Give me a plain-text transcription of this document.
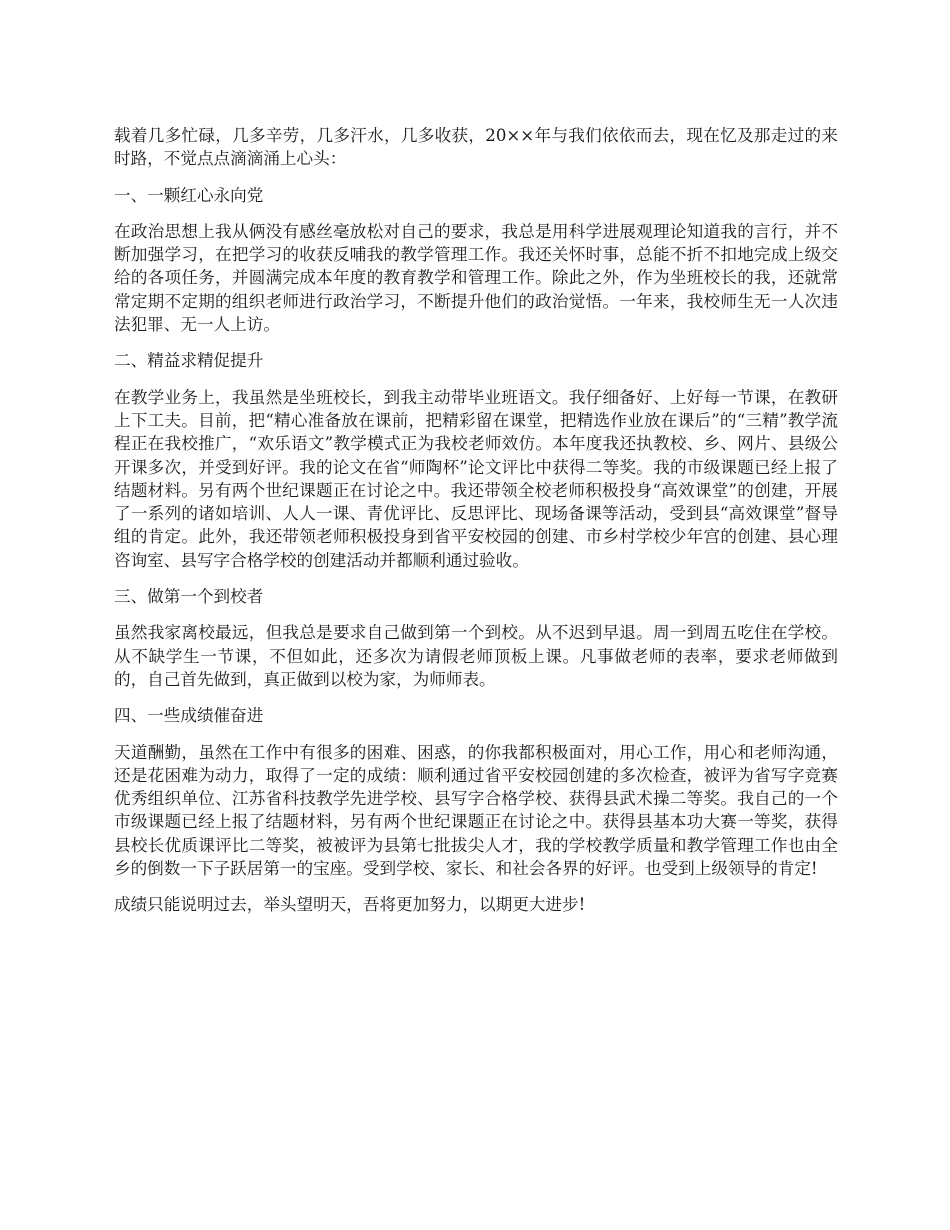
载着几多忙碌，几多辛劳，几多汗水，几多收获，20××年与我们依依而去，现在忆及那走过的来时路，不觉点点滴滴涌上心头：

一、一颗红心永向党

在政治思想上我从俩没有感丝毫放松对自己的要求，我总是用科学进展观理论知道我的言行，并不断加强学习，在把学习的收获反哺我的教学管理工作。我还关怀时事，总能不折不扣地完成上级交给的各项任务，并圆满完成本年度的教育教学和管理工作。除此之外，作为坐班校长的我，还就常常定期不定期的组织老师进行政治学习，不断提升他们的政治觉悟。一年来，我校师生无一人次违法犯罪、无一人上访。

二、精益求精促提升

在教学业务上，我虽然是坐班校长，到我主动带毕业班语文。我仔细备好、上好每一节课，在教研上下工夫。目前，把“精心准备放在课前，把精彩留在课堂，把精选作业放在课后”的“三精”教学流程正在我校推广，“欢乐语文”教学模式正为我校老师效仿。本年度我还执教校、乡、网片、县级公开课多次，并受到好评。我的论文在省“师陶杯”论文评比中获得二等奖。我的市级课题已经上报了结题材料。另有两个世纪课题正在讨论之中。我还带领全校老师积极投身“高效课堂”的创建，开展了一系列的诸如培训、人人一课、青优评比、反思评比、现场备课等活动，受到县“高效课堂”督导组的肯定。此外，我还带领老师积极投身到省平安校园的创建、市乡村学校少年宫的创建、县心理咨询室、县写字合格学校的创建活动并都顺利通过验收。

三、做第一个到校者

虽然我家离校最远，但我总是要求自己做到第一个到校。从不迟到早退。周一到周五吃住在学校。从不缺学生一节课，不但如此，还多次为请假老师顶板上课。凡事做老师的表率，要求老师做到的，自己首先做到，真正做到以校为家，为师师表。

四、一些成绩催奋进

天道酬勤，虽然在工作中有很多的困难、困惑，的你我都积极面对，用心工作，用心和老师沟通，还是花困难为动力，取得了一定的成绩：顺利通过省平安校园创建的多次检查，被评为省写字竞赛优秀组织单位、江苏省科技教学先进学校、县写字合格学校、获得县武术操二等奖。我自己的一个市级课题已经上报了结题材料，另有两个世纪课题正在讨论之中。获得县基本功大赛一等奖，获得县校长优质课评比二等奖，被被评为县第七批拔尖人才，我的学校教学质量和教学管理工作也由全乡的倒数一下子跃居第一的宝座。受到学校、家长、和社会各界的好评。也受到上级领导的肯定!

成绩只能说明过去，举头望明天，吾将更加努力，以期更大进步!
